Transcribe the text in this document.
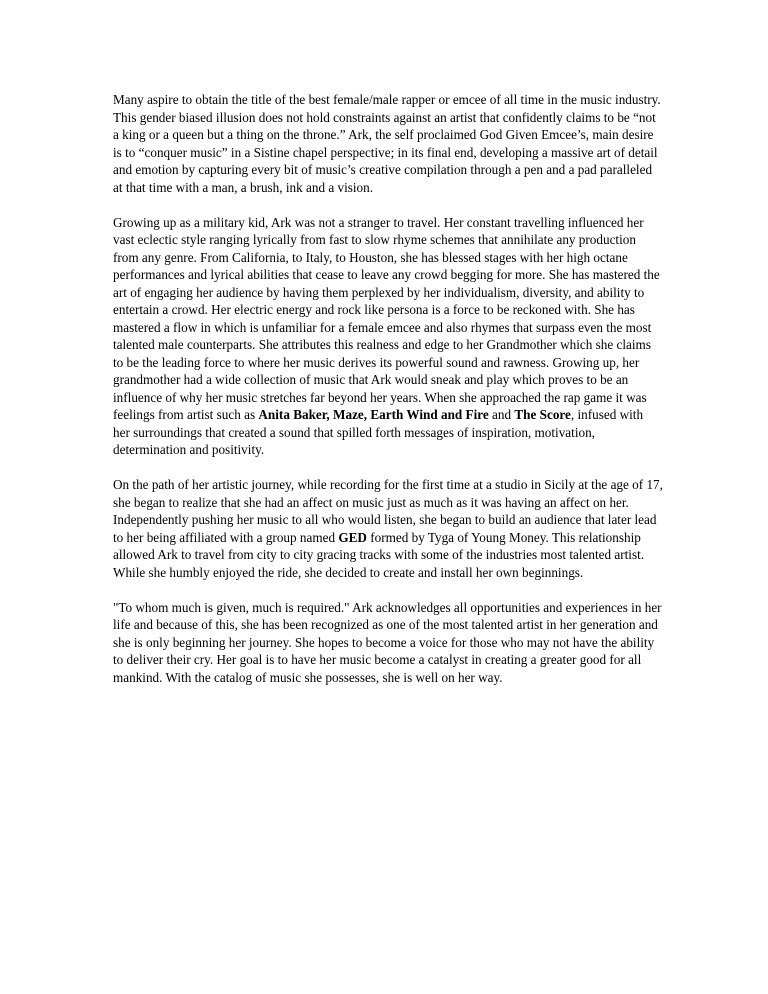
Many aspire to obtain the title of the best female/male rapper or emcee of all time in the music industry. This gender biased illusion does not hold constraints against an artist that confidently claims to be “not a king or a queen but a thing on the throne.” Ark, the self proclaimed God Given Emcee’s, main desire is to “conquer music” in a Sistine chapel perspective; in its final end, developing a massive art of detail and emotion by capturing every bit of music’s creative compilation through a pen and a pad paralleled at that time with a man, a brush, ink and a vision.

Growing up as a military kid, Ark was not a stranger to travel. Her constant travelling influenced her vast eclectic style ranging lyrically from fast to slow rhyme schemes that annihilate any production from any genre. From California, to Italy, to Houston, she has blessed stages with her high octane performances and lyrical abilities that cease to leave any crowd begging for more. She has mastered the art of engaging her audience by having them perplexed by her individualism, diversity, and ability to entertain a crowd. Her electric energy and rock like persona is a force to be reckoned with. She has mastered a flow in which is unfamiliar for a female emcee and also rhymes that surpass even the most talented male counterparts. She attributes this realness and edge to her Grandmother which she claims to be the leading force to where her music derives its powerful sound and rawness. Growing up, her grandmother had a wide collection of music that Ark would sneak and play which proves to be an influence of why her music stretches far beyond her years. When she approached the rap game it was feelings from artist such as Anita Baker, Maze, Earth Wind and Fire and The Score, infused with her surroundings that created a sound that spilled forth messages of inspiration, motivation, determination and positivity.

On the path of her artistic journey, while recording for the first time at a studio in Sicily at the age of 17, she began to realize that she had an affect on music just as much as it was having an affect on her. Independently pushing her music to all who would listen, she began to build an audience that later lead to her being affiliated with a group named GED formed by Tyga of Young Money. This relationship allowed Ark to travel from city to city gracing tracks with some of the industries most talented artist. While she humbly enjoyed the ride, she decided to create and install her own beginnings.

"To whom much is given, much is required." Ark acknowledges all opportunities and experiences in her life and because of this, she has been recognized as one of the most talented artist in her generation and she is only beginning her journey. She hopes to become a voice for those who may not have the ability to deliver their cry. Her goal is to have her music become a catalyst in creating a greater good for all mankind. With the catalog of music she possesses, she is well on her way.
